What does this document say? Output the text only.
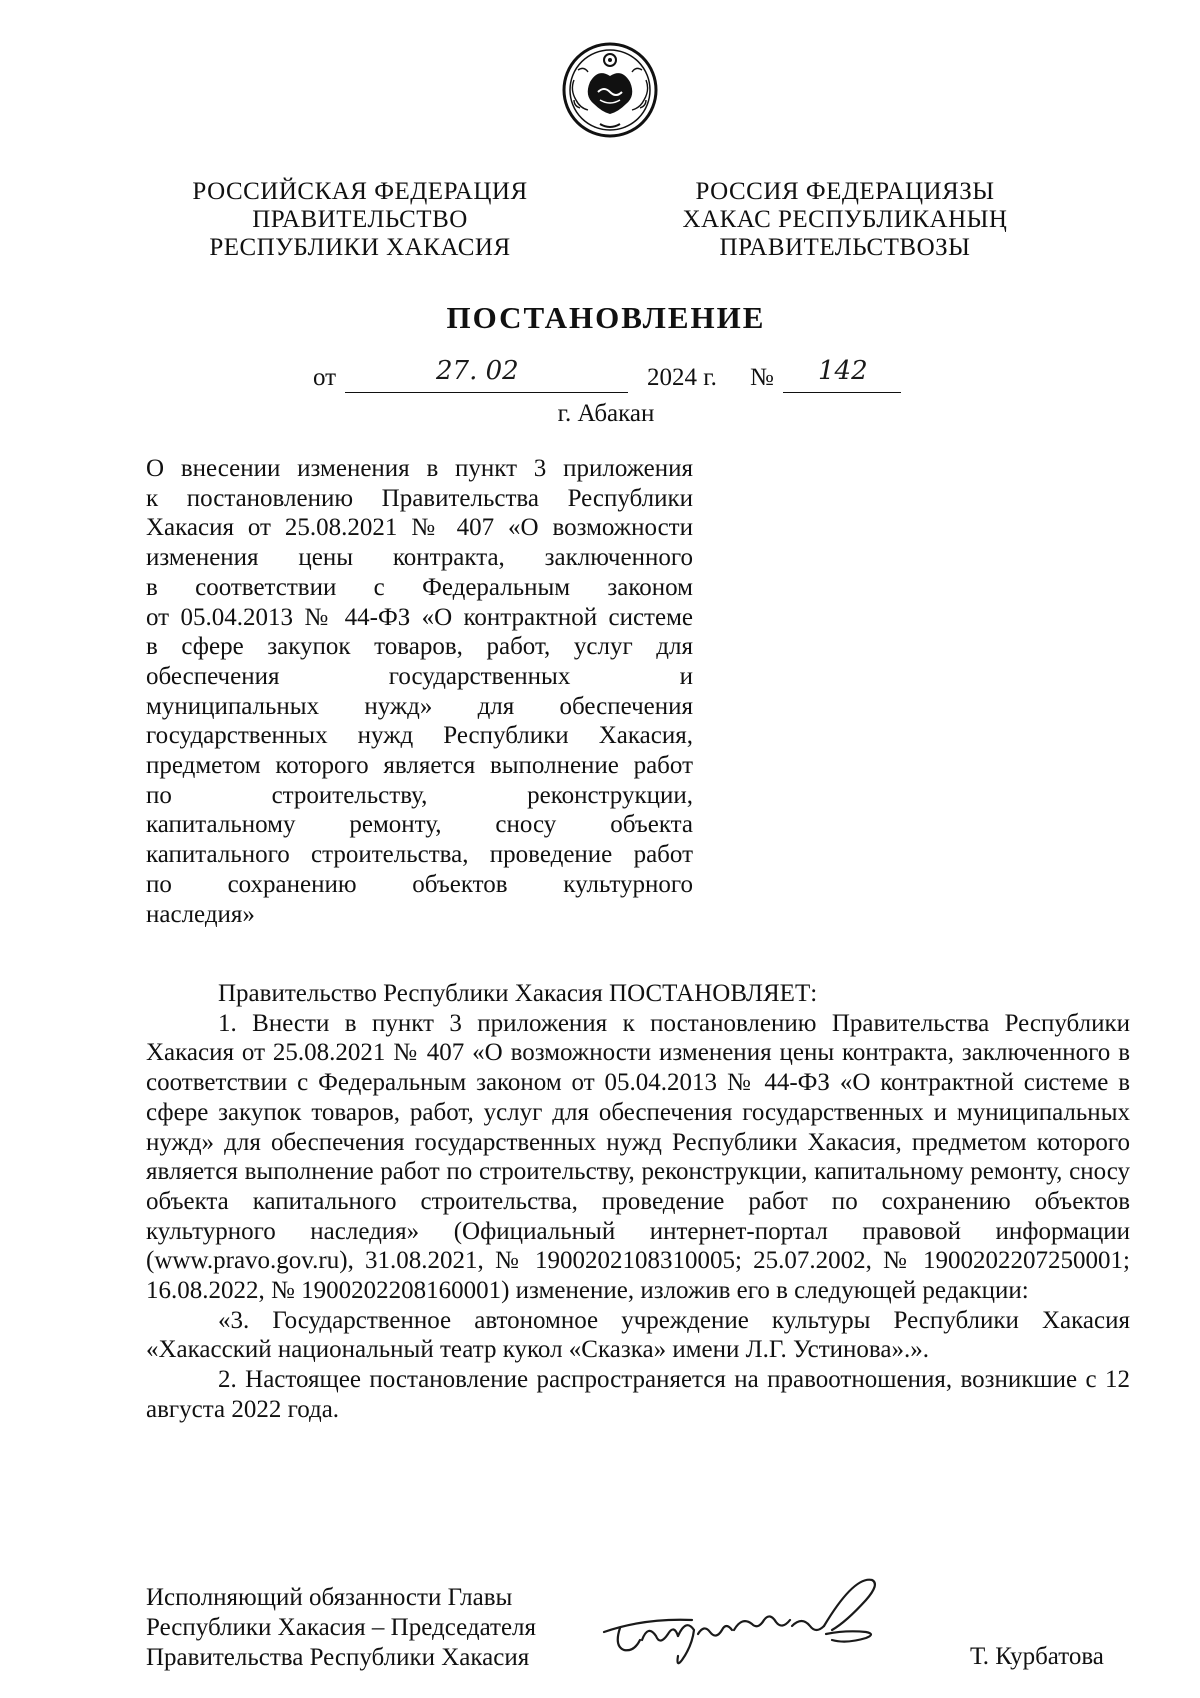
РОССИЙСКАЯ ФЕДЕРАЦИЯ
ПРАВИТЕЛЬСТВО
РЕСПУБЛИКИ ХАКАСИЯ
РОССИЯ ФЕДЕРАЦИЯЗЫ
ХАКАС РЕСПУБЛИКАНЫҢ
ПРАВИТЕЛЬСТВОЗЫ
ПОСТАНОВЛЕНИЕ
от	27. 02	2024 г. № 142
г. Абакан
О внесении изменения в пункт 3 приложения
к постановлению Правительства Республики
Хакасия от 25.08.2021 № 407 «О возможности
изменения цены контракта, заключенного
в соответствии с Федеральным законом
от 05.04.2013 № 44-ФЗ «О контрактной системе
в сфере закупок товаров, работ, услуг для
обеспечения государственных и
муниципальных нужд» для обеспечения
государственных нужд Республики Хакасия,
предметом которого является выполнение работ
по строительству, реконструкции,
капитальному ремонту, сносу объекта
капитального строительства, проведение работ
по сохранению объектов культурного
наследия»

Правительство Республики Хакасия ПОСТАНОВЛЯЕТ:

1. Внести в пункт 3 приложения к постановлению Правительства Республики Хакасия от 25.08.2021 № 407 «О возможности изменения цены контракта, заключенного в соответствии с Федеральным законом от 05.04.2013 № 44-ФЗ «О контрактной системе в сфере закупок товаров, работ, услуг для обеспечения государственных и муниципальных нужд» для обеспечения государственных нужд Республики Хакасия, предметом которого является выполнение работ по строительству, реконструкции, капитальному ремонту, сносу объекта капитального строительства, проведение работ по сохранению объектов культурного наследия» (Официальный интернет-портал правовой информации (www.pravo.gov.ru), 31.08.2021, № 1900202108310005; 25.07.2002, № 1900202207250001; 16.08.2022, № 1900202208160001) изменение, изложив его в следующей редакции:

«3. Государственное автономное учреждение культуры Республики Хакасия «Хакасский национальный театр кукол «Сказка» имени Л.Г. Устинова».».

2. Настоящее постановление распространяется на правоотношения, возникшие с 12 августа 2022 года.

Исполняющий обязанности Главы
Республики Хакасия – Председателя
Правительства Республики Хакасия	Т. Курбатова
